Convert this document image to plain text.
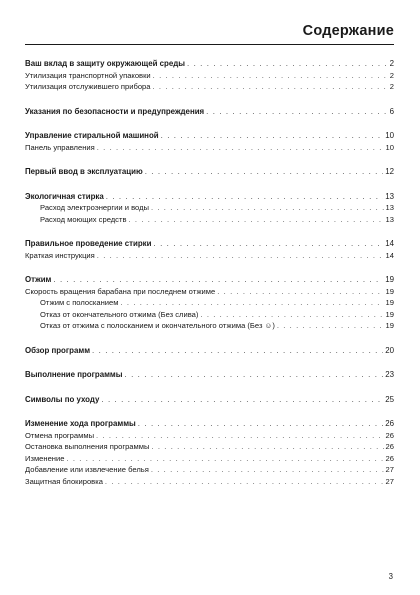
Содержание
Ваш вклад в защиту окружающей среды . . .	2
Утилизация транспортной упаковки . . .	2
Утилизация отслужившего прибора . . .	2
Указания по безопасности и предупреждения . . .	6
Управление стиральной машиной . . .	10
Панель управления . . .	10
Первый ввод в эксплуатацию . . .	12
Экологичная стирка . . .	13
Расход электроэнергии и воды . . .	13
Расход моющих средств . . .	13
Правильное проведение стирки . . .	14
Краткая инструкция . . .	14
Отжим . . .	19
Скорость вращения барабана при последнем отжиме . . .	19
Отжим с полосканием . . .	19
Отказ от окончательного отжима (Без слива) . . .	19
Отказ от отжима с полосканием и окончательного отжима (Без ☺) . . .	19
Обзор программ . . .	20
Выполнение программы . . .	23
Символы по уходу . . .	25
Изменение хода программы . . .	26
Отмена программы . . .	26
Остановка выполнения программы . . .	26
Изменение . . .	26
Добавление или извлечение белья . . .	27
Защитная блокировка . . .	27
3
